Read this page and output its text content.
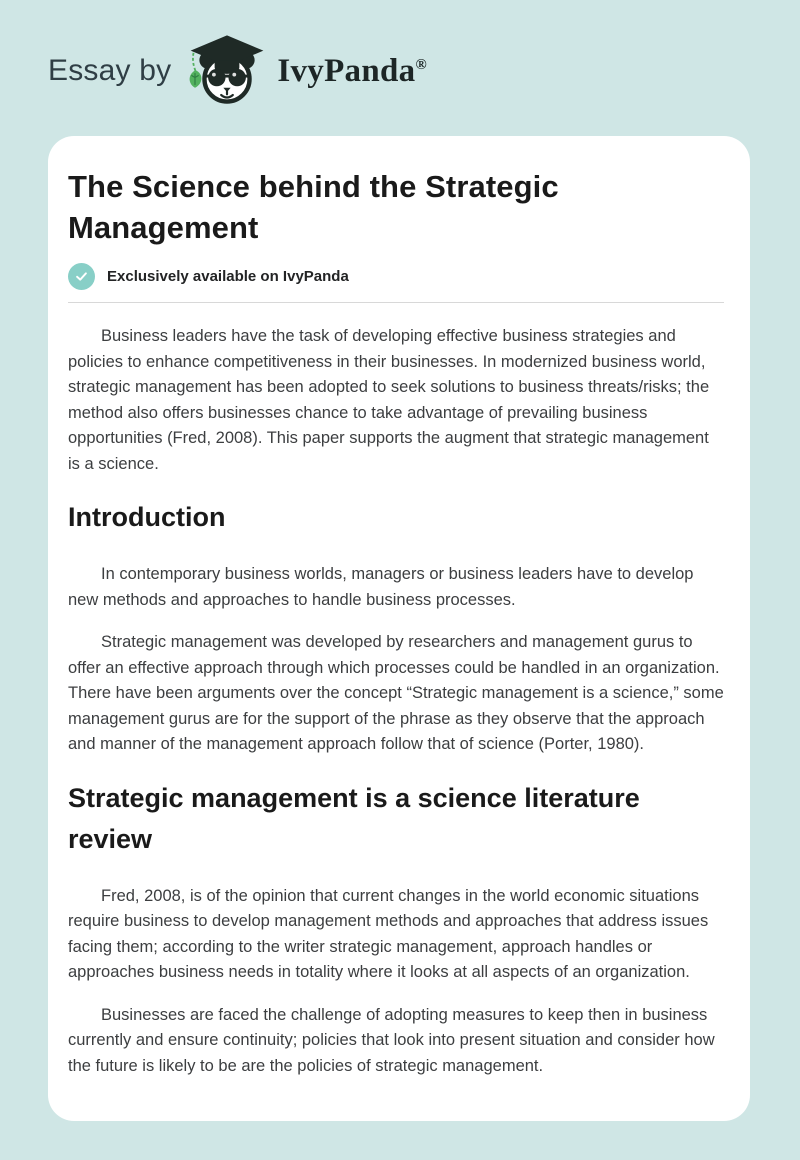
Essay by	IvyPanda®
The Science behind the Strategic Management
Exclusively available on IvyPanda

Business leaders have the task of developing effective business strategies and policies to enhance competitiveness in their businesses. In modernized business world, strategic management has been adopted to seek solutions to business threats/risks; the method also offers businesses chance to take advantage of prevailing business opportunities (Fred, 2008). This paper supports the augment that strategic management is a science.

Introduction

In contemporary business worlds, managers or business leaders have to develop new methods and approaches to handle business processes.

Strategic management was developed by researchers and management gurus to offer an effective approach through which processes could be handled in an organization. There have been arguments over the concept “Strategic management is a science,” some management gurus are for the support of the phrase as they observe that the approach and manner of the management approach follow that of science (Porter, 1980).

Strategic management is a science literature review

Fred, 2008, is of the opinion that current changes in the world economic situations require business to develop management methods and approaches that address issues facing them; according to the writer strategic management, approach handles or approaches business needs in totality where it looks at all aspects of an organization.

Businesses are faced the challenge of adopting measures to keep then in business currently and ensure continuity; policies that look into present situation and consider how the future is likely to be are the policies of strategic management.
